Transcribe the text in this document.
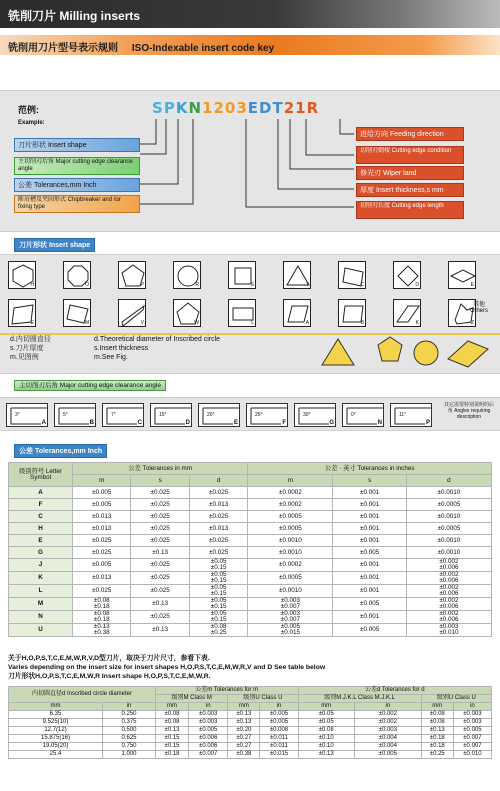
铣削刀片 Milling inserts
铣削用刀片型号表示规则 ISO-Indexable insert code key
范例:
Example:
S P K N 1 2 0 3 E D T 2 1 R
刀片形状 Insert shape
主切削刃后角 Major cutting edge clearance angle
公差 Tolerances,mm Inch
断屑槽及夹固形式 Chipbreaker and /or fixing type
进给方向 Feeding direction
切削刃倒棱 Cutting edge condition
修光刃 Wiper land
厚度 Insert thickness,s mm
切削刃长度 Cutting edge length
刀片形状 Insert shape
H	O	P	R	S	T	C	D	E
E	M	V	W	L	A	B	K	Z
其他 Others
d.内切圆直径
s.刀片厚度
m.见图例
d.Theoretical diameter of Inscribed circle
s.Insert thickness
m.See Fig.
主切削刃后角 Major cutting edge clearance angle
3°
A
5°
B
7°
C
15°
D
20°
E
25°
F
30°
G
0°
N
11°
P
其它需要特别说明的后角 Angles requiring description
公差 Tolerances,mm Inch
级别符号 Letter Symbol	公差 Tolerances in mm			公差 · 英寸 Tolerances in inches		
	m	s	d	m	s	d
A	±0.005	±0.025	±0.025	±0.0002	±0.001	±0.0010
F	±0.005	±0.025	±0.013	±0.0002	±0.001	±0.0005
C	±0.013	±0.025	±0.025	±0.0005	±0.001	±0.0010
H	±0.013	±0.025	±0.013	±0.0005	±0.001	±0.0005
E	±0.025	±0.025	±0.025	±0.0010	±0.001	±0.0010
G	±0.025	±0.13	±0.025	±0.0010	±0.005	±0.0010
J	±0.005	±0.025	±0.05
±0.15	±0.0002	±0.001	±0.002
±0.006
K	±0.013	±0.025	±0.05
±0.15	±0.0005	±0.001	±0.002
±0.006
L	±0.025	±0.025	±0.05
±0.15	±0.0010	±0.001	±0.002
±0.006
M	±0.08
±0.18	±0.13	±0.05
±0.15	±0.003
±0.007	±0.005	±0.002
±0.006
N	±0.08
±0.18	±0.025	±0.05
±0.15	±0.003
±0.007	±0.001	±0.002
±0.006
U	±0.13
±0.38	±0.13	±0.08
±0.25	±0.005
±0.015	±0.005	±0.003
±0.010
关于H,O,P,S,T,C,E,M,W,R,V,D型刀片，取决于刀片尺寸，参看下表.
Varies depending on the insert size for insert shapes H,O,P,S,T,C,E,M,W,R,V and D See table below
刀片形状H,O,P,S,T,C,E,M,W,R Insert shape H,O,P,S,T,C,E,M,W,R.
内切圆直径d Inscribed circle diameter		公差m Tolerances for m				公差d Tolerances for d			
		级别M Class M		级别U Class U		级别M.J.K.L Class M.J.K.L		级别U Class U	
mm	in	mm	in	mm	in	mm	in	mm	in
6.35	0.250	±0.08	±0.003	±0.13	±0.005	±0.05	±0.002	±0.08	±0.003
9.525(10)	0.375	±0.08	±0.003	±0.13	±0.005	±0.05	±0.002	±0.08	±0.003
12.7(12)	0.500	±0.13	±0.005	±0.20	±0.008	±0.08	±0.003	±0.13	±0.005
15.875(16)	0.625	±0.15	±0.006	±0.27	±0.011	±0.10	±0.004	±0.18	±0.007
19.05(20)	0.750	±0.15	±0.006	±0.27	±0.011	±0.10	±0.004	±0.18	±0.007
25.4	1.000	±0.18	±0.007	±0.38	±0.015	±0.13	±0.005	±0.25	±0.010
